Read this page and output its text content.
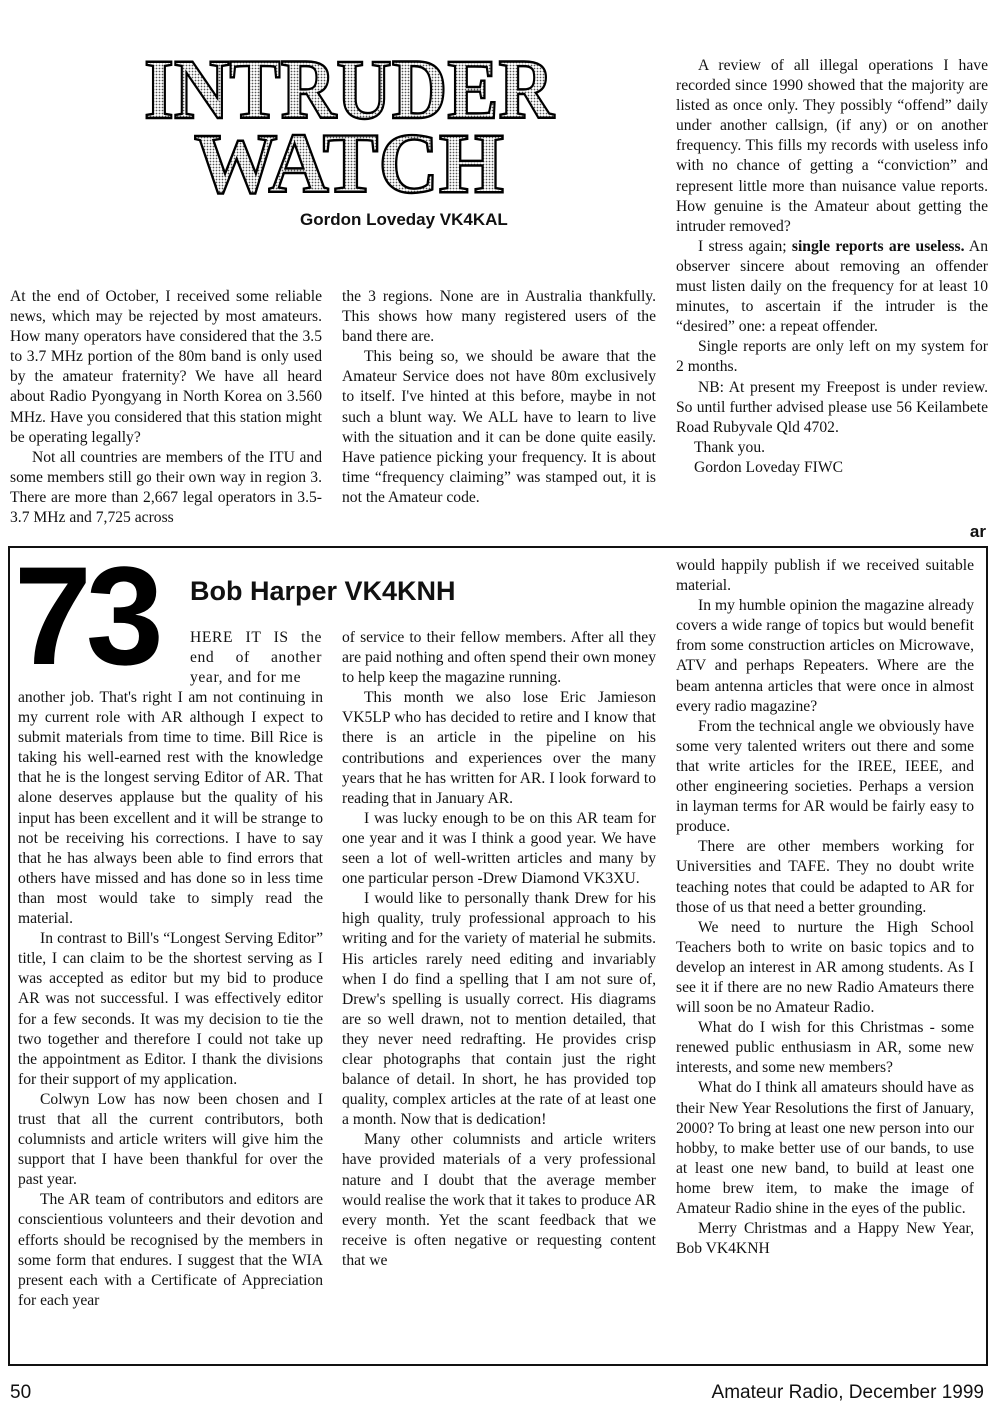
INTRUDER
WATCH
Gordon Loveday VK4KAL

At the end of October, I received some reliable news, which may be rejected by most amateurs. How many operators have considered that the 3.5 to 3.7 MHz portion of the 80m band is only used by the amateur fraternity? We have all heard about Radio Pyongyang in North Korea on 3.560 MHz. Have you considered that this station might be operating legally?

Not all countries are members of the ITU and some members still go their own way in region 3. There are more than 2,667 legal operators in 3.5-3.7 MHz and 7,725 across

the 3 regions. None are in Australia thankfully. This shows how many registered users of the band there are.

This being so, we should be aware that the Amateur Service does not have 80m exclusively to itself. I've hinted at this before, maybe in not such a blunt way. We ALL have to learn to live with the situation and it can be done quite easily. Have patience picking your frequency. It is about time “frequency claiming” was stamped out, it is not the Amateur code.

A review of all illegal operations I have recorded since 1990 showed that the majority are listed as once only. They possibly “offend” daily under another callsign, (if any) or on another frequency. This fills my records with useless info with no chance of getting a “conviction” and represent little more than nuisance value reports. How genuine is the Amateur about getting the intruder removed?

I stress again; single reports are useless. An observer sincere about removing an offender must listen daily on the frequency for at least 10 minutes, to ascertain if the intruder is the “desired” one: a repeat offender.

Single reports are only left on my system for 2 months.

NB: At present my Freepost is under review. So until further advised please use 56 Keilambete Road Rubyvale Qld 4702.

Thank you.

Gordon Loveday FIWC

ar
73 Bob Harper VK4KNH

HERE IT IS the end of another year, and for me

another job. That's right I am not continuing in my current role with AR although I expect to submit materials from time to time. Bill Rice is taking his well-earned rest with the knowledge that he is the longest serving Editor of AR. That alone deserves applause but the quality of his input has been excellent and it will be strange to not be receiving his corrections. I have to say that he has always been able to find errors that others have missed and has done so in less time than most would take to simply read the material.

In contrast to Bill's “Longest Serving Editor” title, I can claim to be the shortest serving as I was accepted as editor but my bid to produce AR was not successful. I was effectively editor for a few seconds. It was my decision to tie the two together and therefore I could not take up the appointment as Editor. I thank the divisions for their support of my application.

Colwyn Low has now been chosen and I trust that all the current contributors, both columnists and article writers will give him the support that I have been thankful for over the past year.

The AR team of contributors and editors are conscientious volunteers and their devotion and efforts should be recognised by the members in some form that endures. I suggest that the WIA present each with a Certificate of Appreciation for each year

of service to their fellow members. After all they are paid nothing and often spend their own money to help keep the magazine running.

This month we also lose Eric Jamieson VK5LP who has decided to retire and I know that there is an article in the pipeline on his contributions and experiences over the many years that he has written for AR. I look forward to reading that in January AR.

I was lucky enough to be on this AR team for one year and it was I think a good year. We have seen a lot of well-written articles and many by one particular person -Drew Diamond VK3XU.

I would like to personally thank Drew for his high quality, truly professional approach to his writing and for the variety of material he submits. His articles rarely need editing and invariably when I do find a spelling that I am not sure of, Drew's spelling is usually correct. His diagrams are so well drawn, not to mention detailed, that they never need redrafting. He provides crisp clear photographs that contain just the right balance of detail. In short, he has provided top quality, complex articles at the rate of at least one a month. Now that is dedication!

Many other columnists and article writers have provided materials of a very professional nature and I doubt that the average member would realise the work that it takes to produce AR every month. Yet the scant feedback that we receive is often negative or requesting content that we

would happily publish if we received suitable material.

In my humble opinion the magazine already covers a wide range of topics but would benefit from some construction articles on Microwave, ATV and perhaps Repeaters. Where are the beam antenna articles that were once in almost every radio magazine?

From the technical angle we obviously have some very talented writers out there and some that write articles for the IREE, IEEE, and other engineering societies. Perhaps a version in layman terms for AR would be fairly easy to produce.

There are other members working for Universities and TAFE. They no doubt write teaching notes that could be adapted to AR for those of us that need a better grounding.

We need to nurture the High School Teachers both to write on basic topics and to develop an interest in AR among students. As I see it if there are no new Radio Amateurs there will soon be no Amateur Radio.

What do I wish for this Christmas - some renewed public enthusiasm in AR, some new interests, and some new members?

What do I think all amateurs should have as their New Year Resolutions the first of January, 2000? To bring at least one new person into our hobby, to make better use of our bands, to use at least one new band, to build at least one home brew item, to make the image of Amateur Radio shine in the eyes of the public.

Merry Christmas and a Happy New Year, Bob VK4KNH

50	Amateur Radio, December 1999
